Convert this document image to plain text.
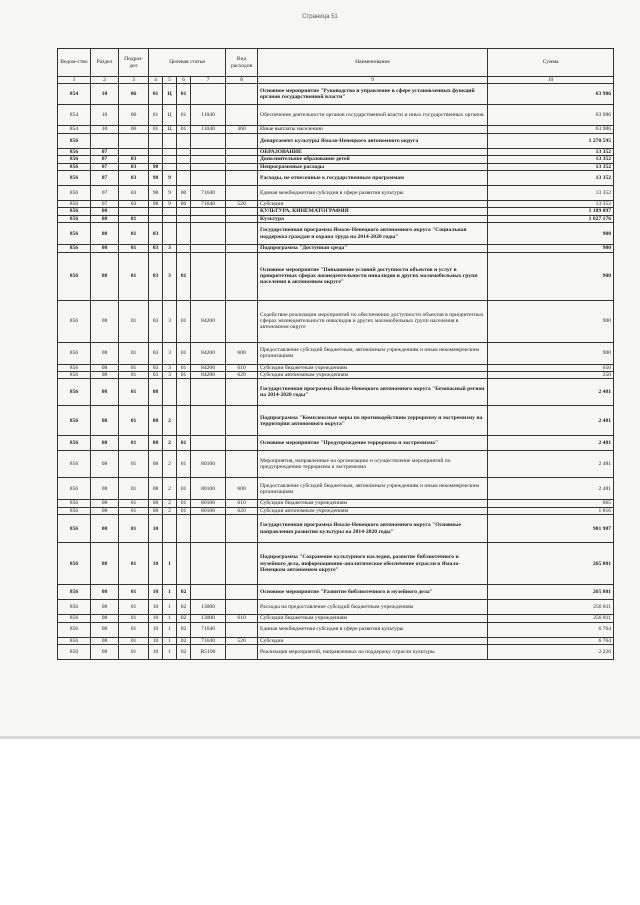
Страница 51
Ведом-ство	Раздел	Подраз-дел	Целевая статья				Вид расходов	Наименование	Сумма
1	2	3	4	5	6	7	8	9	10
854	10	06	01	Ц	01			Основное мероприятие "Руководство и управление в сфере установленных функций органов государственной власти"	63 986
854	10	06	01	Ц	01	11040		Обеспечение деятельности органов государственной власти и иных государственных органов	63 986
854	10	06	01	Ц	01	11040	360	Иные выплаты населению	63 986
856								Департамент культуры Ямало-Ненецкого автономного округа	1 270 595
856	07							ОБРАЗОВАНИЕ	13 352
856	07	03						Дополнительное образование детей	13 352
856	07	03	98					Непрограммные расходы	13 352
856	07	03	98	9				Расходы, не отнесенные к государственным программам	13 352
856	07	03	98	9	00	71640		Единая межбюджетная субсидия в сфере развития культуры	13 352
856	07	03	98	9	00	71640	520	Субсидии	13 352
856	08							КУЛЬТУРА, КИНЕМАТОГРАФИЯ	1 189 097
856	08	01						Культура	1 027 176
856	08	01	03					Государственная программа Ямало-Ненецкого автономного округа "Социальная поддержка граждан и охрана труда на 2014-2020 годы"	900
856	08	01	03	3				Подпрограмма "Доступная среда"	900
856	08	01	03	3	01			Основное мероприятие "Повышение условий доступности объектов и услуг в приоритетных сферах жизнедеятельности инвалидов и других маломобильных групп населения в автономном округе"	900
856	08	01	03	3	01	84200		Содействие реализации мероприятий по обеспечению доступности объектов в приоритетных сферах жизнедеятельности инвалидов и других маломобильных групп населения в автономном округе	900
856	08	01	03	3	01	84200	600	Предоставление субсидий бюджетным, автономным учреждениям и иным некоммерческим организациям	900
856	08	01	03	3	01	84200	610	Субсидии бюджетным учреждениям	650
856	08	01	03	3	01	84200	620	Субсидии автономным учреждениям	250
856	08	01	08					Государственная программа Ямало-Ненецкого автономного округа "Безопасный регион на 2014-2020 годы"	2 481
856	08	01	08	2				Подпрограмма "Комплексные меры по противодействию терроризму и экстремизму на территории автономного округа"	2 481
856	08	01	08	2	01			Основное мероприятие "Предупреждение терроризма и экстремизма"	2 481
856	08	01	08	2	01	80100		Мероприятия, направленные на организацию и осуществление мероприятий по предупреждению терроризма и экстремизма	2 481
856	08	01	08	2	01	80100	600	Предоставление субсидий бюджетным, автономным учреждениям и иным некоммерческим организациям	2 481
856	08	01	08	2	01	80100	610	Субсидии бюджетным учреждениям	665
856	08	01	08	2	01	80100	620	Субсидии автономным учреждениям	1 816
856	08	01	10					Государственная программа Ямало-Ненецкого автономного округа "Основные направления развития культуры на 2014-2020 годы"	981 987
856	08	01	10	1				Подпрограмма "Сохранение культурного наследия, развитие библиотечного и музейного дела, информационно-аналитическое обеспечение отрасли в Ямало-Ненецком автономном округе"	265 801
856	08	01	10	1	02			Основное мероприятие "Развитие библиотечного и музейного дела"	265 801
856	08	01	10	1	02	13000		Расходы на предоставление субсидий бюджетным учреждениям	256 811
856	08	01	10	1	02	13000	610	Субсидии бюджетным учреждениям	256 811
856	08	01	10	1	02	71640		Единая межбюджетная субсидия в сфере развития культуры	6 764
856	08	01	10	1	02	71640	520	Субсидии	6 764
856	08	01	10	1	02	R5190		Реализация мероприятий, направленных на поддержку отрасли культуры	2 226
